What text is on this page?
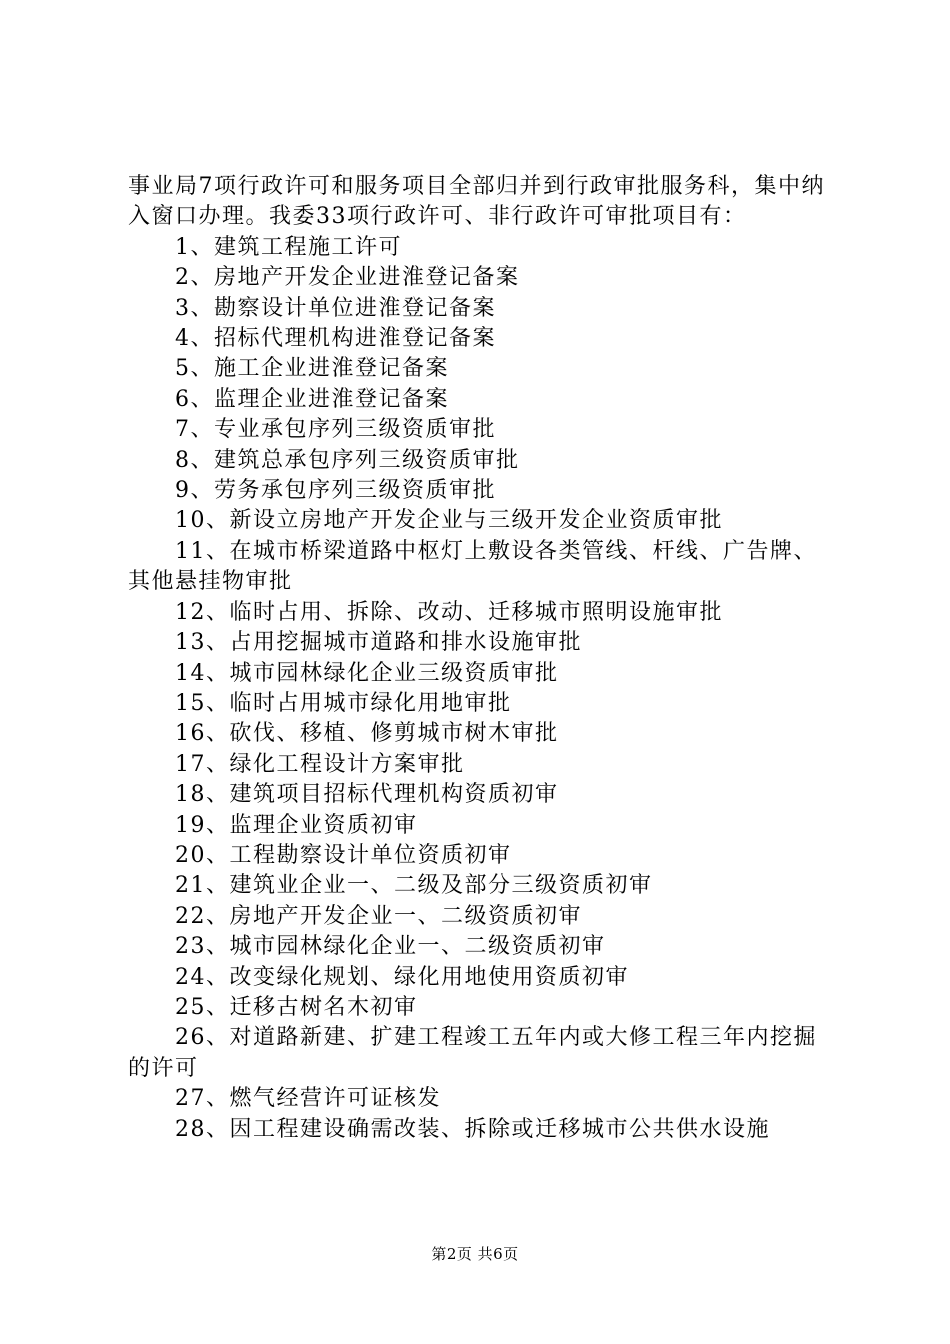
事业局7项行政许可和服务项目全部归并到行政审批服务科，集中纳入窗口办理。我委33项行政许可、非行政许可审批项目有：

1、建筑工程施工许可

2、房地产开发企业进淮登记备案

3、勘察设计单位进淮登记备案

4、招标代理机构进淮登记备案

5、施工企业进淮登记备案

6、监理企业进淮登记备案

7、专业承包序列三级资质审批

8、建筑总承包序列三级资质审批

9、劳务承包序列三级资质审批

10、新设立房地产开发企业与三级开发企业资质审批

11、在城市桥梁道路中枢灯上敷设各类管线、杆线、广告牌、其他悬挂物审批

12、临时占用、拆除、改动、迁移城市照明设施审批

13、占用挖掘城市道路和排水设施审批

14、城市园林绿化企业三级资质审批

15、临时占用城市绿化用地审批

16、砍伐、移植、修剪城市树木审批

17、绿化工程设计方案审批

18、建筑项目招标代理机构资质初审

19、监理企业资质初审

20、工程勘察设计单位资质初审

21、建筑业企业一、二级及部分三级资质初审

22、房地产开发企业一、二级资质初审

23、城市园林绿化企业一、二级资质初审

24、改变绿化规划、绿化用地使用资质初审

25、迁移古树名木初审

26、对道路新建、扩建工程竣工五年内或大修工程三年内挖掘的许可

27、燃气经营许可证核发

28、因工程建设确需改装、拆除或迁移城市公共供水设施

第2页 共6页
